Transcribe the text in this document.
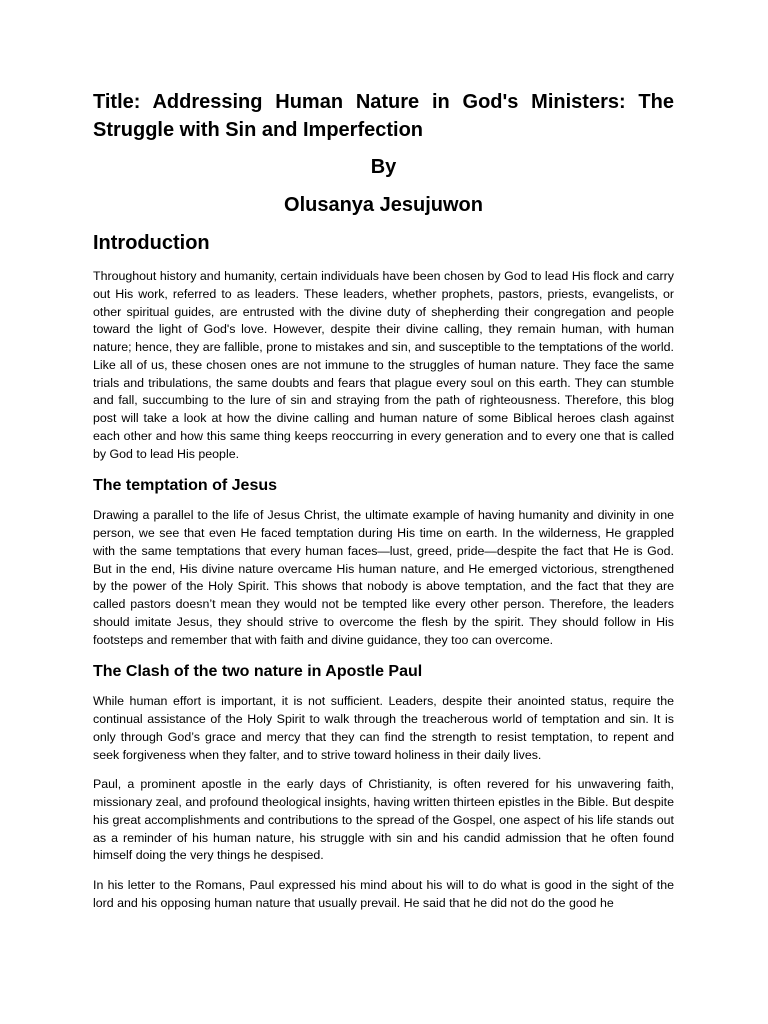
Title: Addressing Human Nature in God's Ministers: The Struggle with Sin and Imperfection
By
Olusanya Jesujuwon
Introduction

Throughout history and humanity, certain individuals have been chosen by God to lead His flock and carry out His work, referred to as leaders. These leaders, whether prophets, pastors, priests, evangelists, or other spiritual guides, are entrusted with the divine duty of shepherding their congregation and people toward the light of God's love. However, despite their divine calling, they remain human, with human nature; hence, they are fallible, prone to mistakes and sin, and susceptible to the temptations of the world. Like all of us, these chosen ones are not immune to the struggles of human nature. They face the same trials and tribulations, the same doubts and fears that plague every soul on this earth. They can stumble and fall, succumbing to the lure of sin and straying from the path of righteousness. Therefore, this blog post will take a look at how the divine calling and human nature of some Biblical heroes clash against each other and how this same thing keeps reoccurring in every generation and to every one that is called by God to lead His people.

The temptation of Jesus

Drawing a parallel to the life of Jesus Christ, the ultimate example of having humanity and divinity in one person, we see that even He faced temptation during His time on earth. In the wilderness, He grappled with the same temptations that every human faces—lust, greed, pride—despite the fact that He is God. But in the end, His divine nature overcame His human nature, and He emerged victorious, strengthened by the power of the Holy Spirit. This shows that nobody is above temptation, and the fact that they are called pastors doesn’t mean they would not be tempted like every other person. Therefore, the leaders should imitate Jesus, they should strive to overcome the flesh by the spirit. They should follow in His footsteps and remember that with faith and divine guidance, they too can overcome.

The Clash of the two nature in Apostle Paul

While human effort is important, it is not sufficient. Leaders, despite their anointed status, require the continual assistance of the Holy Spirit to walk through the treacherous world of temptation and sin. It is only through God’s grace and mercy that they can find the strength to resist temptation, to repent and seek forgiveness when they falter, and to strive toward holiness in their daily lives.

Paul, a prominent apostle in the early days of Christianity, is often revered for his unwavering faith, missionary zeal, and profound theological insights, having written thirteen epistles in the Bible. But despite his great accomplishments and contributions to the spread of the Gospel, one aspect of his life stands out as a reminder of his human nature, his struggle with sin and his candid admission that he often found himself doing the very things he despised.

In his letter to the Romans, Paul expressed his mind about his will to do what is good in the sight of the lord and his opposing human nature that usually prevail. He said that he did not do the good he
